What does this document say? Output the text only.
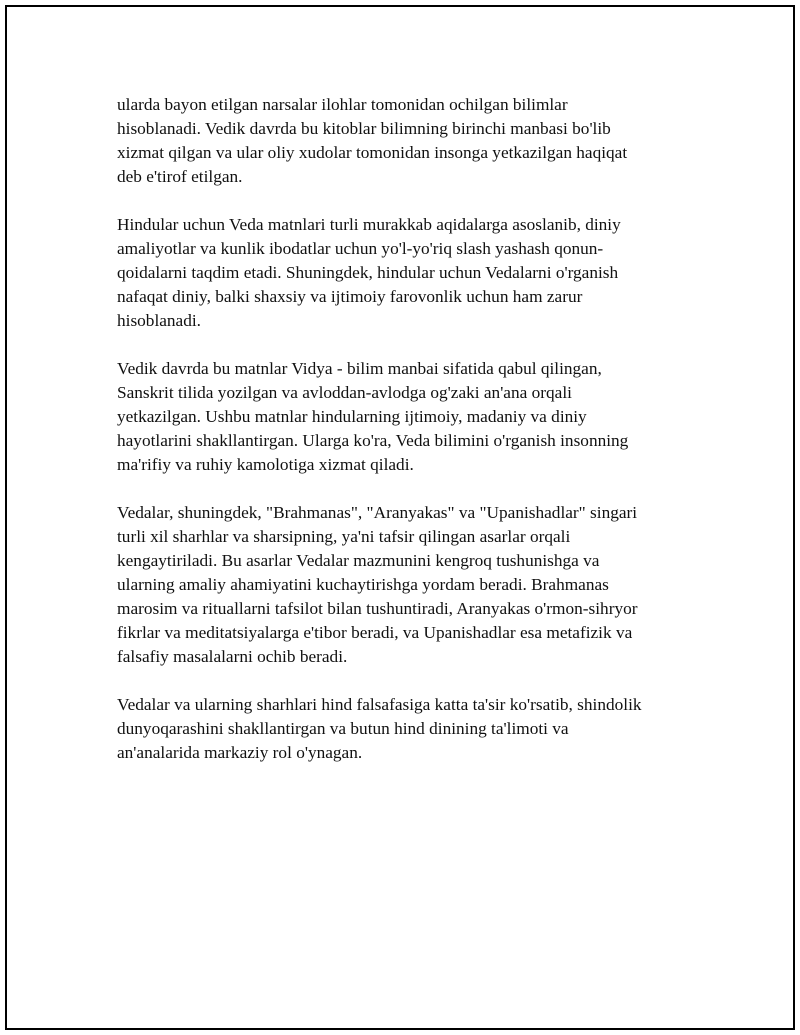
ularda bayon etilgan narsalar ilohlar tomonidan ochilgan bilimlar
hisoblanadi. Vedik davrda bu kitoblar bilimning birinchi manbasi bo'lib
xizmat qilgan va ular oliy xudolar tomonidan insonga yetkazilgan haqiqat
deb e'tirof etilgan.

Hindular uchun Veda matnlari turli murakkab aqidalarga asoslanib, diniy
amaliyotlar va kunlik ibodatlar uchun yo'l-yo'riq slash yashash qonun-
qoidalarni taqdim etadi. Shuningdek, hindular uchun Vedalarni o'rganish
nafaqat diniy, balki shaxsiy va ijtimoiy farovonlik uchun ham zarur
hisoblanadi.

Vedik davrda bu matnlar Vidya - bilim manbai sifatida qabul qilingan,
Sanskrit tilida yozilgan va avloddan-avlodga og'zaki an'ana orqali
yetkazilgan. Ushbu matnlar hindularning ijtimoiy, madaniy va diniy
hayotlarini shakllantirgan. Ularga ko'ra, Veda bilimini o'rganish insonning
ma'rifiy va ruhiy kamolotiga xizmat qiladi.

Vedalar, shuningdek, "Brahmanas", "Aranyakas" va "Upanishadlar" singari
turli xil sharhlar va sharsipning, ya'ni tafsir qilingan asarlar orqali
kengaytiriladi. Bu asarlar Vedalar mazmunini kengroq tushunishga va
ularning amaliy ahamiyatini kuchaytirishga yordam beradi. Brahmanas
marosim va rituallarni tafsilot bilan tushuntiradi, Aranyakas o'rmon-sihryor
fikrlar va meditatsiyalarga e'tibor beradi, va Upanishadlar esa metafizik va
falsafiy masalalarni ochib beradi.

Vedalar va ularning sharhlari hind falsafasiga katta ta'sir ko'rsatib, shindolik
dunyoqarashini shakllantirgan va butun hind dinining ta'limoti va
an'analarida markaziy rol o'ynagan.
